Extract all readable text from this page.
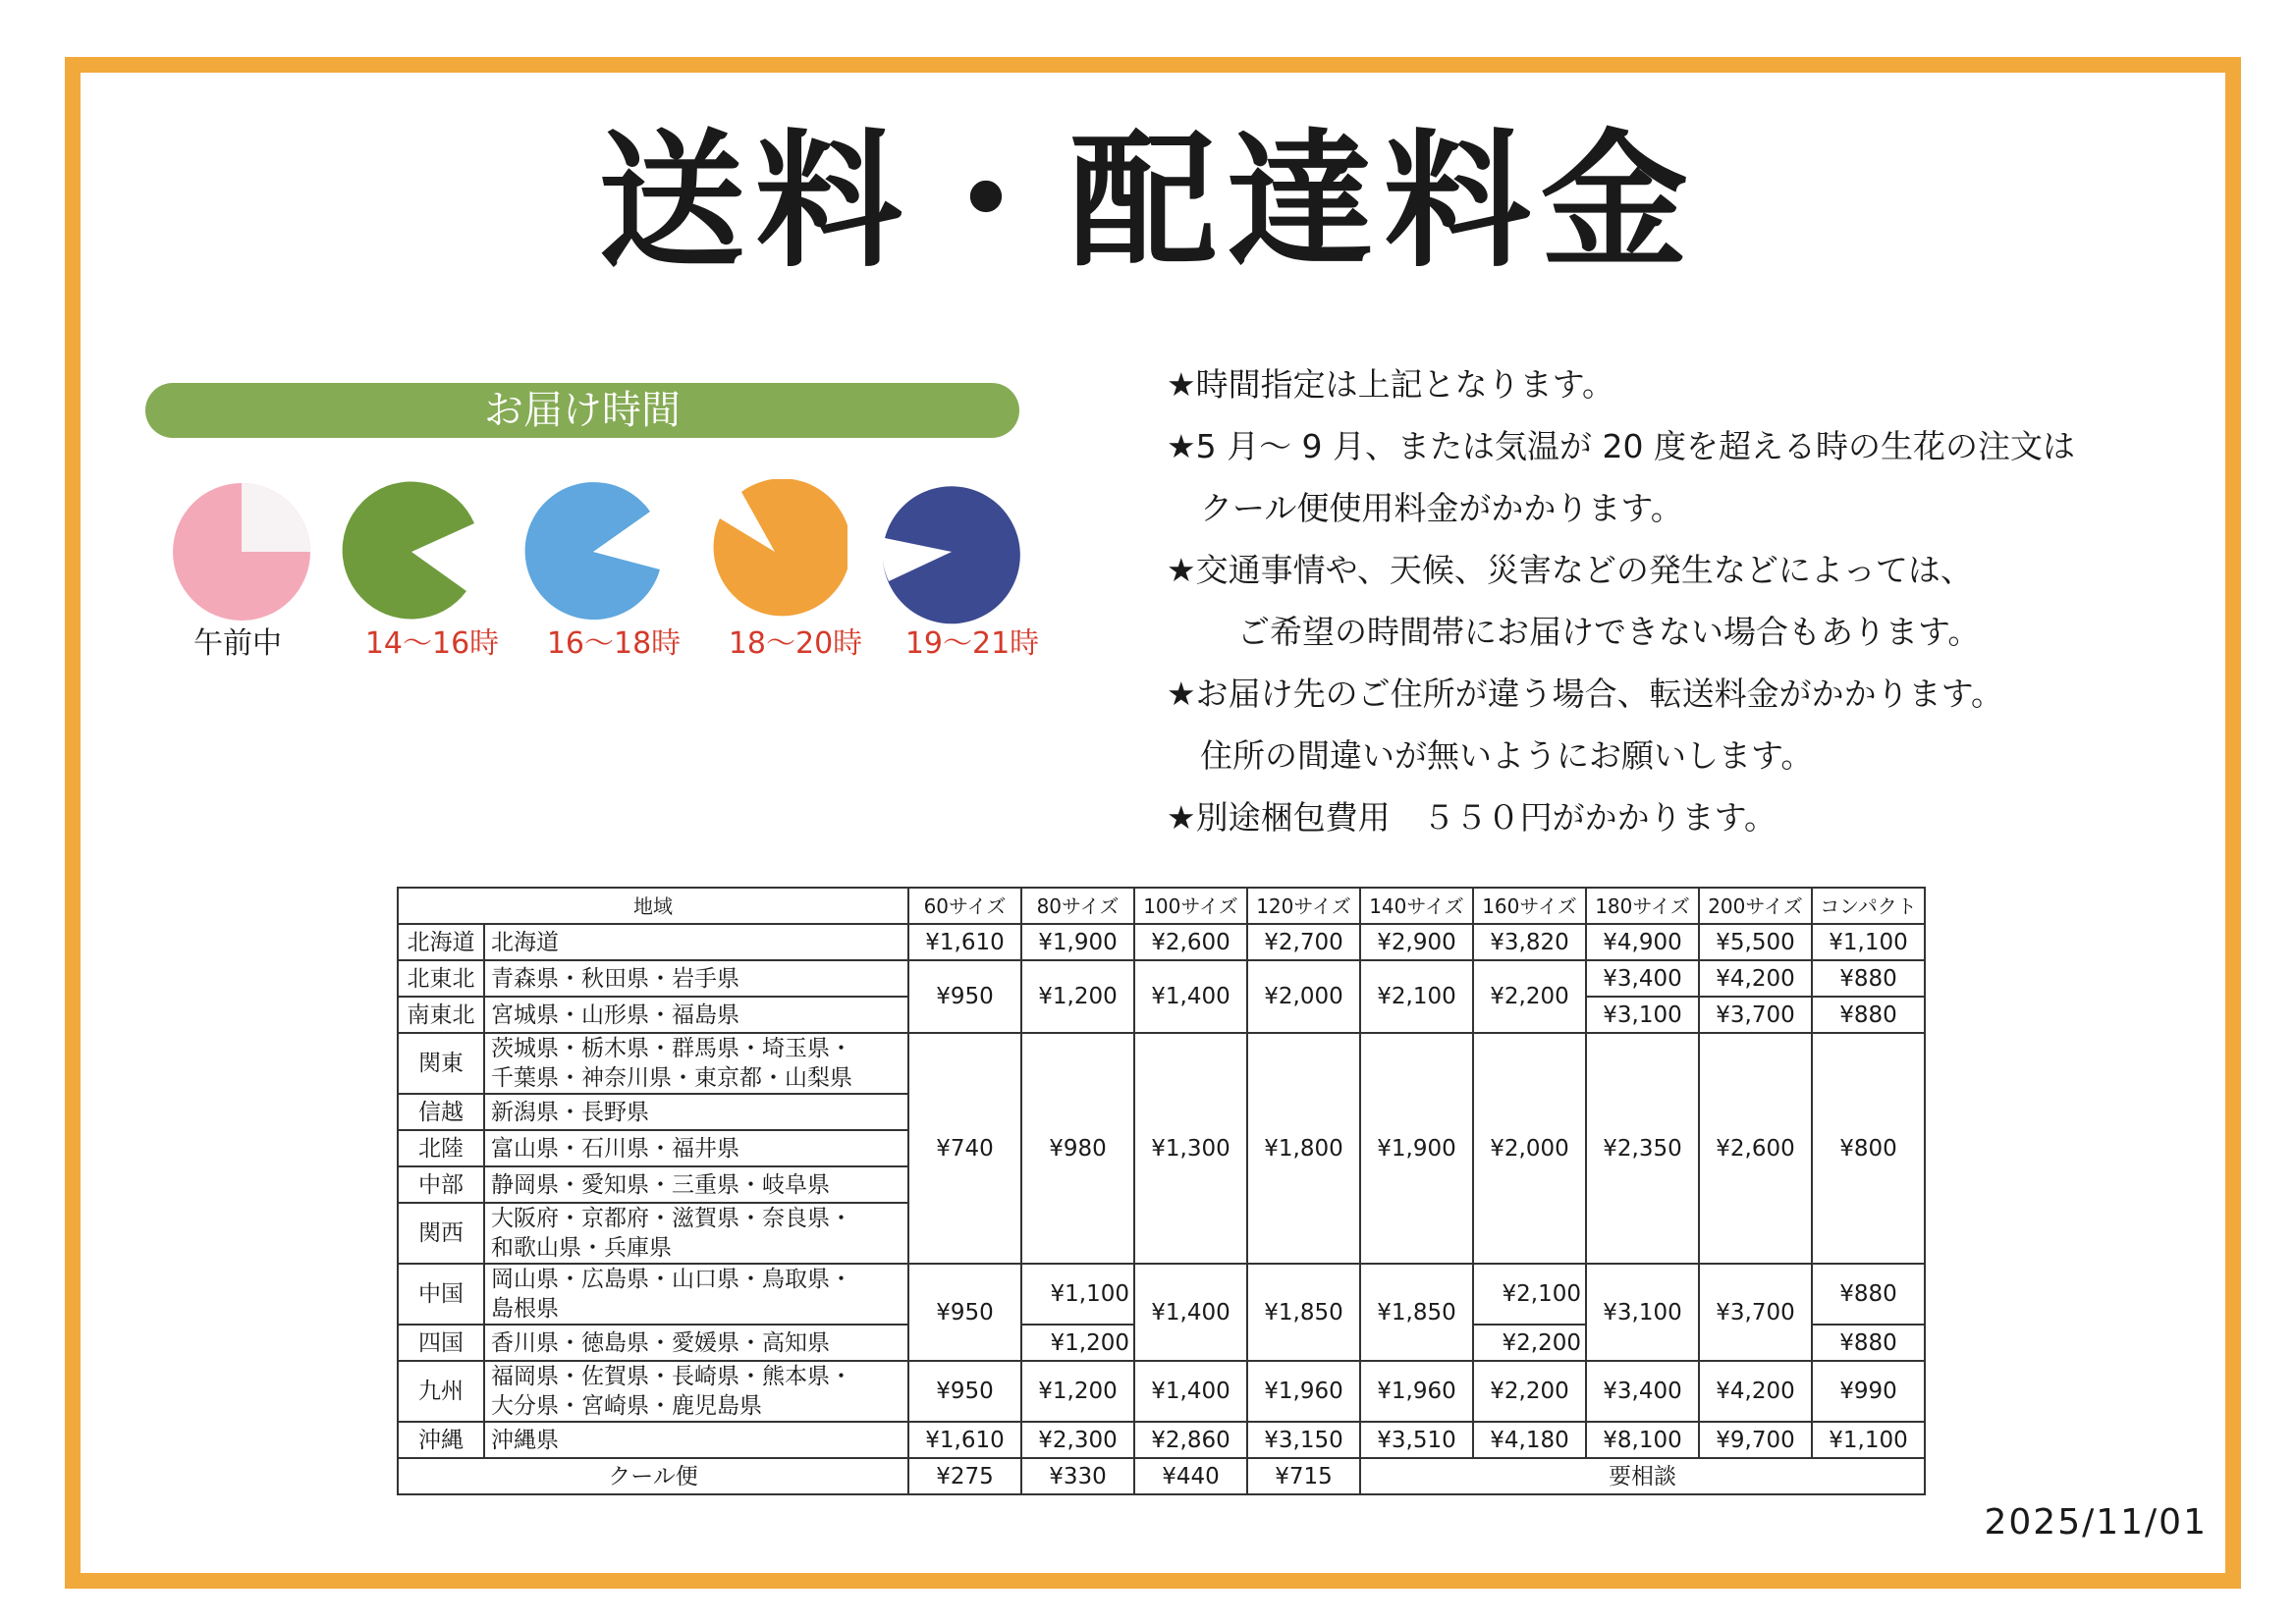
送料・配達料金
お届け時間
午前中	14～16時	16～18時	18～20時	19～21時
★時間指定は上記となります。
★5 月～ 9 月、または気温が 20 度を超える時の生花の注文は
クール便使用料金がかかります。
★交通事情や、天候、災害などの発生などによっては、
ご希望の時間帯にお届けできない場合もあります。
★お届け先のご住所が違う場合、転送料金がかかります。
住所の間違いが無いようにお願いします。
★別途梱包費用　５５０円がかかります。
地域		60サイズ	80サイズ	100サイズ	120サイズ	140サイズ	160サイズ	180サイズ	200サイズ	コンパクト
北海道	北海道	¥1,610	¥1,900	¥2,600	¥2,700	¥2,900	¥3,820	¥4,900	¥5,500	¥1,100
北東北	青森県・秋田県・岩手県	¥950	¥1,200	¥1,400	¥2,000	¥2,100	¥2,200	¥3,400	¥4,200	¥880
南東北	宮城県・山形県・福島県							¥3,100	¥3,700	¥880
関東	茨城県・栃木県・群馬県・埼玉県・
千葉県・神奈川県・東京都・山梨県	¥740	¥980	¥1,300	¥1,800	¥1,900	¥2,000	¥2,350	¥2,600	¥800
信越	新潟県・長野県									
北陸	富山県・石川県・福井県									
中部	静岡県・愛知県・三重県・岐阜県									
関西	大阪府・京都府・滋賀県・奈良県・
和歌山県・兵庫県									

中国	岡山県・広島県・山口県・鳥取県・
島根県	¥950	¥1,100	¥1,400	¥1,850	¥1,850	¥2,100	¥3,100	¥3,700	¥880
四国	香川県・徳島県・愛媛県・高知県		¥1,200				¥2,200			¥880
九州	福岡県・佐賀県・長崎県・熊本県・
大分県・宮崎県・鹿児島県	¥950	¥1,200	¥1,400	¥1,960	¥1,960	¥2,200	¥3,400	¥4,200	¥990
沖縄	沖縄県	¥1,610	¥2,300	¥2,860	¥3,150	¥3,510	¥4,180	¥8,100	¥9,700	¥1,100
クール便		¥275	¥330	¥440	¥715	要相談				
2025/11/01
